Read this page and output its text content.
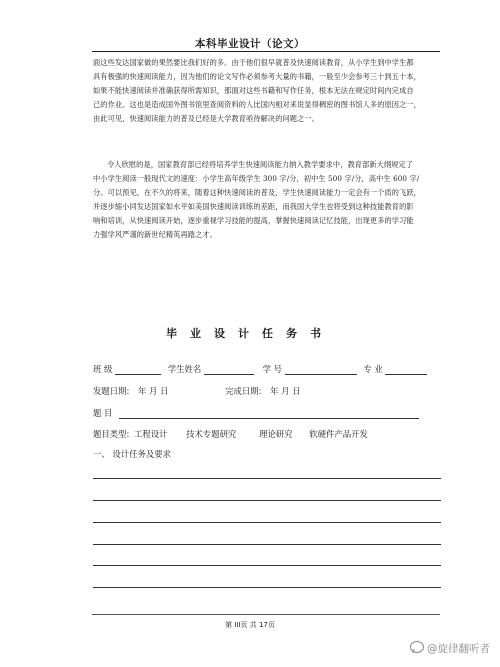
本科毕业设计（论文）

面这些发达国家做的果然要比我们好的多。由于他们很早就普及快速阅读教育，从小学生到中学生都

具有极强的快速阅读能力，因为他们的论文写作必须参考大量的书籍，一般至少会参考三十到五十本，

如果不能快速阅读并准确获得所需知识，那面对这些书籍和写作任务，根本无法在规定时间内完成自

己的作业。这也是造成国外图书馆里查阅资料的人比国内相对来说显得稠密的图书馆人多的原因之一，

由此可见，快速阅读能力的普及已经是大学教育亟待解决的问题之一。

令人欣慰的是，国家教育部已经将培养学生快速阅读能力纳入教学要求中，教育部新大纲规定了

中小学生阅读一般现代文的速度：小学生高年级学生 300 字/分，初中生 500 字/分，高中生 600 字/

分。可以预见，在不久的将来，随着这种快速阅读的普及，学生快速阅读能力一定会有一个质的飞跃，

并逐步缩小同发达国家如水平如美国快速阅读训练的差距，而我国大学生也将受到这种技能教育的影

响和培训，从快速阅读开始，逐步重视学习技能的提高，掌握快速阅读记忆技能，出现更多的学习能

力强学风严谨的新世纪精英再踏之才。

毕业设计任务书
班 级	学生姓名	学 号	专 业
发题日期: 年 月 日	完成日期: 年 月 日
题 目
题目类型: 工程设计 技术专题研究	理论研究 软硬件产品开发
一、 设计任务及要求
第 III页 共 17页
@旋律翻听者
